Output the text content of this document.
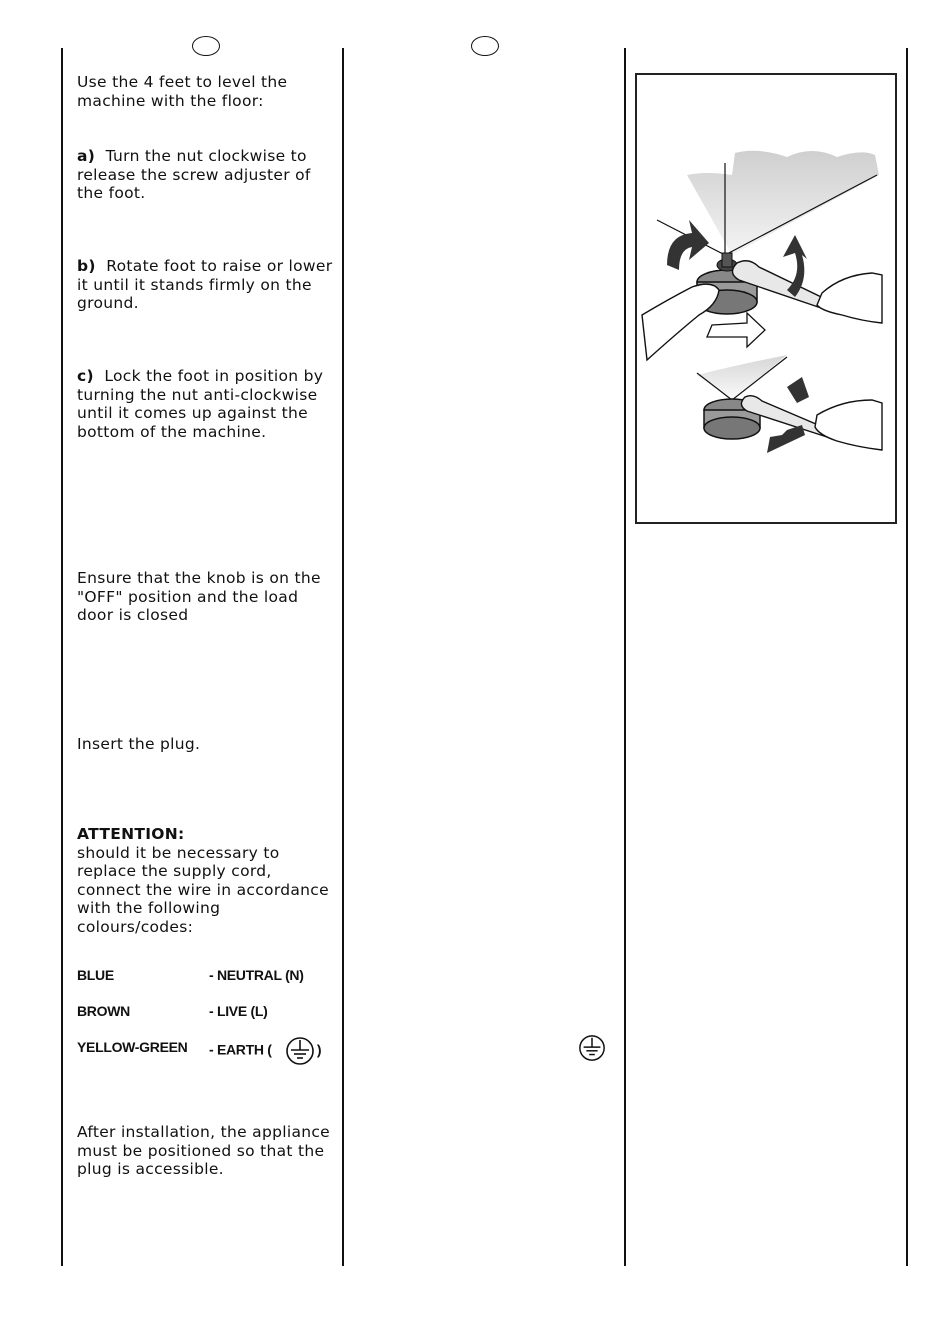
Use the 4 feet to level the machine with the floor:
a) Turn the nut clockwise to release the screw adjuster of the foot.
b) Rotate foot to raise or lower it until it stands firmly on the ground.
c) Lock the foot in position by turning the nut anti-clockwise until it comes up against the bottom of the machine.
Ensure that the knob is on the "OFF" position and the load door is closed
Insert the plug.
ATTENTION:
should it be necessary to replace the supply cord, connect the wire in accordance with the following colours/codes:
BLUE	- NEUTRAL (N)
BROWN	- LIVE (L)
YELLOW-GREEN - EARTH (	)
After installation, the appliance must be positioned so that the plug is accessible.
